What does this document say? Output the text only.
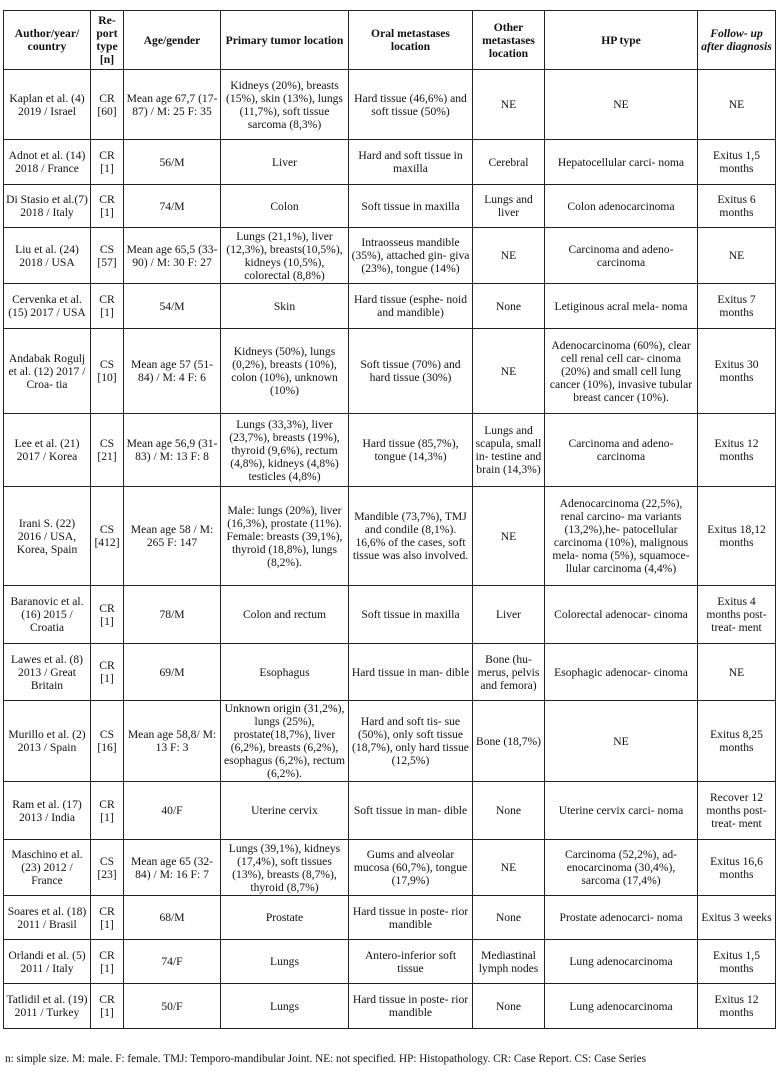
Author/year/ country	Re- port type [n]	Age/gender	Primary tumor location	Oral metastases location	Other metastases location	HP type	Follow- up after diagnosis
Kaplan et al. (4) 2019 / Israel	CR [60]	Mean age 67,7 (17-87) / M: 25 F: 35	Kidneys (20%), breasts (15%), skin (13%), lungs (11,7%), soft tissue sarcoma (8,3%)	Hard tissue (46,6%) and soft tissue (50%)	NE	NE	NE
Adnot et al. (14) 2018 / France	CR [1]	56/M	Liver	Hard and soft tissue in maxilla	Cerebral	Hepatocellular carci- noma	Exitus 1,5 months
Di Stasio et al.(7) 2018 / Italy	CR [1]	74/M	Colon	Soft tissue in maxilla	Lungs and liver	Colon adenocarcinoma	Exitus 6 months
Liu et al. (24) 2018 / USA	CS [57]	Mean age 65,5 (33-90) / M: 30 F: 27	Lungs (21,1%), liver (12,3%), breasts(10,5%), kidneys (10,5%), colorectal (8,8%)	Intraosseus mandible (35%), attached gin- giva (23%), tongue (14%)	NE	Carcinoma and adeno- carcinoma	NE
Cervenka et al. (15) 2017 / USA	CR [1]	54/M	Skin	Hard tissue (esphe- noid and mandible)	None	Letiginous acral mela- noma	Exitus 7 months
Andabak Rogulj et al. (12) 2017 / Croa- tia	CS [10]	Mean age 57 (51-84) / M: 4 F: 6	Kidneys (50%), lungs (0,2%), breasts (10%), colon (10%), unknown (10%)	Soft tissue (70%) and hard tissue (30%)	NE	Adenocarcinoma (60%), clear cell renal cell car- cinoma (20%) and small cell lung cancer (10%), invasive tubular breast cancer (10%).	Exitus 30 months
Lee et al. (21) 2017 / Korea	CS [21]	Mean age 56,9 (31-83) / M: 13 F: 8	Lungs (33,3%), liver (23,7%), breasts (19%), thyroid (9,6%), rectum (4,8%), kidneys (4,8%) testicles (4,8%)	Hard tissue (85,7%), tongue (14,3%)	Lungs and scapula, small in- testine and brain (14,3%)	Carcinoma and adeno- carcinoma	Exitus 12 months
Irani S. (22) 2016 / USA, Korea, Spain	CS [412]	Mean age 58 / M: 265 F: 147	Male: lungs (20%), liver (16,3%), prostate (11%). Female: breasts (39,1%), thyroid (18,8%), lungs (8,2%).	Mandible (73,7%), TMJ and condile (8,1%). 16,6% of the cases, soft tissue was also involved.	NE	Adenocarcinoma (22,5%), renal carcino- ma variants (13,2%),he- patocellular carcinoma (10%), malignous mela- noma (5%), squamoce- llular carcinoma (4,4%)	Exitus 18,12 months
Baranovic et al. (16) 2015 / Croatia	CR [1]	78/M	Colon and rectum	Soft tissue in maxilla	Liver	Colorectal adenocar- cinoma	Exitus 4 months post-treat- ment
Lawes et al. (8) 2013 / Great Britain	CR [1]	69/M	Esophagus	Hard tissue in man- dible	Bone (hu- merus, pelvis and femora)	Esophagic adenocar- cinoma	NE
Murillo et al. (2) 2013 / Spain	CS [16]	Mean age 58,8/ M: 13 F: 3	Unknown origin (31,2%), lungs (25%), prostate(18,7%), liver (6,2%), breasts (6,2%), esophagus (6,2%), rectum (6,2%).	Hard and soft tis- sue (50%), only soft tissue (18,7%), only hard tissue (12,5%)	Bone (18,7%)	NE	Exitus 8,25 months
Ram et al. (17) 2013 / India	CR [1]	40/F	Uterine cervix	Soft tissue in man- dible	None	Uterine cervix carci- noma	Recover 12 months post-treat- ment
Maschino et al. (23) 2012 / France	CS [23]	Mean age 65 (32-84) / M: 16 F: 7	Lungs (39,1%), kidneys (17,4%), soft tissues (13%), breasts (8,7%), thyroid (8,7%)	Gums and alveolar mucosa (60,7%), tongue (17,9%)	NE	Carcinoma (52,2%), ad- enocarcinoma (30,4%), sarcoma (17,4%)	Exitus 16,6 months
Soares et al. (18) 2011 / Brasil	CR [1]	68/M	Prostate	Hard tissue in poste- rior mandible	None	Prostate adenocarci- noma	Exitus 3 weeks
Orlandi et al. (5) 2011 / Italy	CR [1]	74/F	Lungs	Antero-inferior soft tissue	Mediastinal lymph nodes	Lung adenocarcinoma	Exitus 1,5 months
Tatlidil et al. (19) 2011 / Turkey	CR [1]	50/F	Lungs	Hard tissue in poste- rior mandible	None	Lung adenocarcinoma	Exitus 12 months
n: simple size. M: male. F: female. TMJ: Temporo-mandibular Joint. NE: not specified. HP: Histopathology. CR: Case Report. CS: Case Series
